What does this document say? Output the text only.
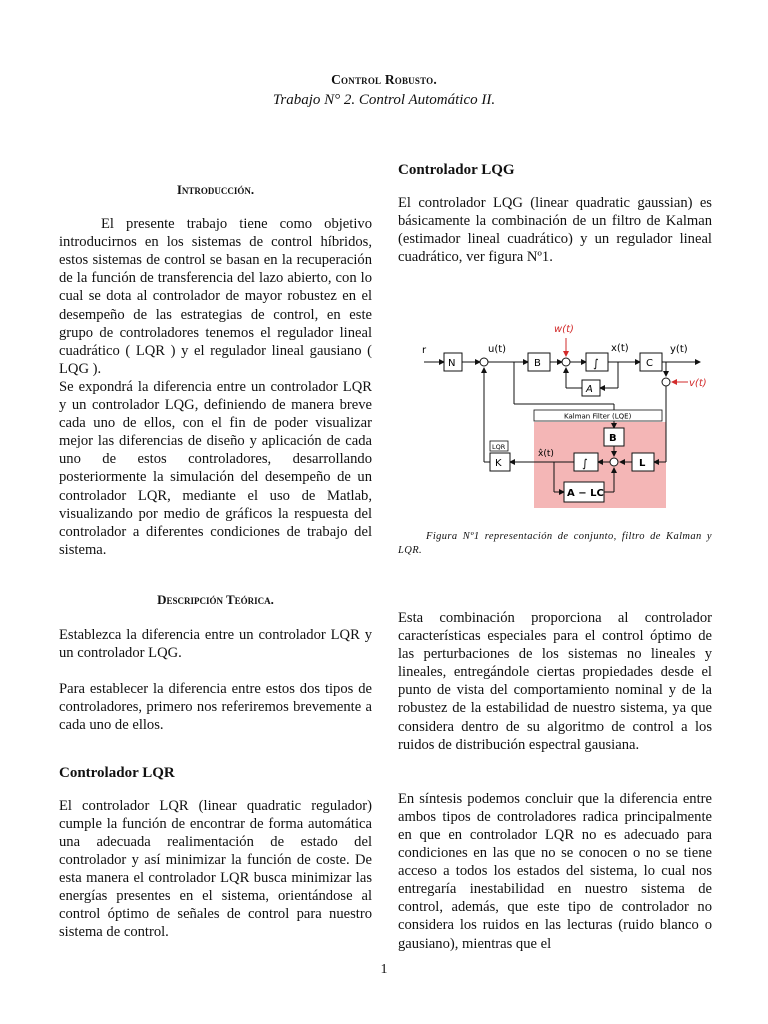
Control Robusto.
Trabajo N° 2. Control Automático II.
Introducción.

El presente trabajo tiene como objetivo introducirnos en los sistemas de control híbridos, estos sistemas de control se basan en la recuperación de la función de transferencia del lazo abierto, con lo cual se dota al controlador de mayor robustez en el desempeño de las estrategias de control, en este grupo de controladores tenemos el regulador lineal cuadrático ( LQR ) y el regulador lineal gausiano ( LQG ).

Se expondrá la diferencia entre un controlador LQR y un controlador LQG, definiendo de manera breve cada uno de ellos, con el fin de poder visualizar mejor las diferencias de diseño y aplicación de cada uno de estos controladores, desarrollando posteriormente la simulación del desempeño de un controlador LQR, mediante el uso de Matlab, visualizando por medio de gráficos la respuesta del controlador a diferentes condiciones de trabajo del sistema.

Descripción Teórica.

Establezca la diferencia entre un controlador LQR y un controlador LQG.

Para establecer la diferencia entre estos dos tipos de controladores, primero nos referiremos brevemente a cada uno de ellos.

Controlador LQR

El controlador LQR (linear quadratic regulador) cumple la función de encontrar de forma automática una adecuada realimentación de estado del controlador y así minimizar la función de coste. De esta manera el controlador LQR busca minimizar las energías presentes en el sistema, orientándose al control óptimo de señales de control para nuestro sistema de control.

Controlador LQG

El controlador LQG (linear quadratic gaussian) es básicamente la combinación de un filtro de Kalman (estimador lineal cuadrático) y un regulador lineal cuadrático, ver figura Nº1.

r
N
u(t)
B
w(t)
∫
x(t)
A
C
y(t)
v(t)
Kalman Filter (LQE)
B
L
∫
x̂(t)
A − LC
LQR
K
Figura Nº1 representación de conjunto, filtro de Kalman y LQR.

Esta combinación proporciona al controlador características especiales para el control óptimo de las perturbaciones de los sistemas no lineales y lineales, entregándole ciertas propiedades desde el punto de vista del comportamiento nominal y de la robustez de la estabilidad de nuestro sistema, ya que considera dentro de su algoritmo de control a los ruidos de distribución espectral gausiana.

En síntesis podemos concluir que la diferencia entre ambos tipos de controladores radica principalmente en que en controlador LQR no es adecuado para condiciones en las que no se conocen o no se tiene acceso a todos los estados del sistema, lo cual nos entregaría inestabilidad en nuestro sistema de control, además, que este tipo de controlador no considera los ruidos en las lecturas (ruido blanco o gausiano), mientras que el

1
